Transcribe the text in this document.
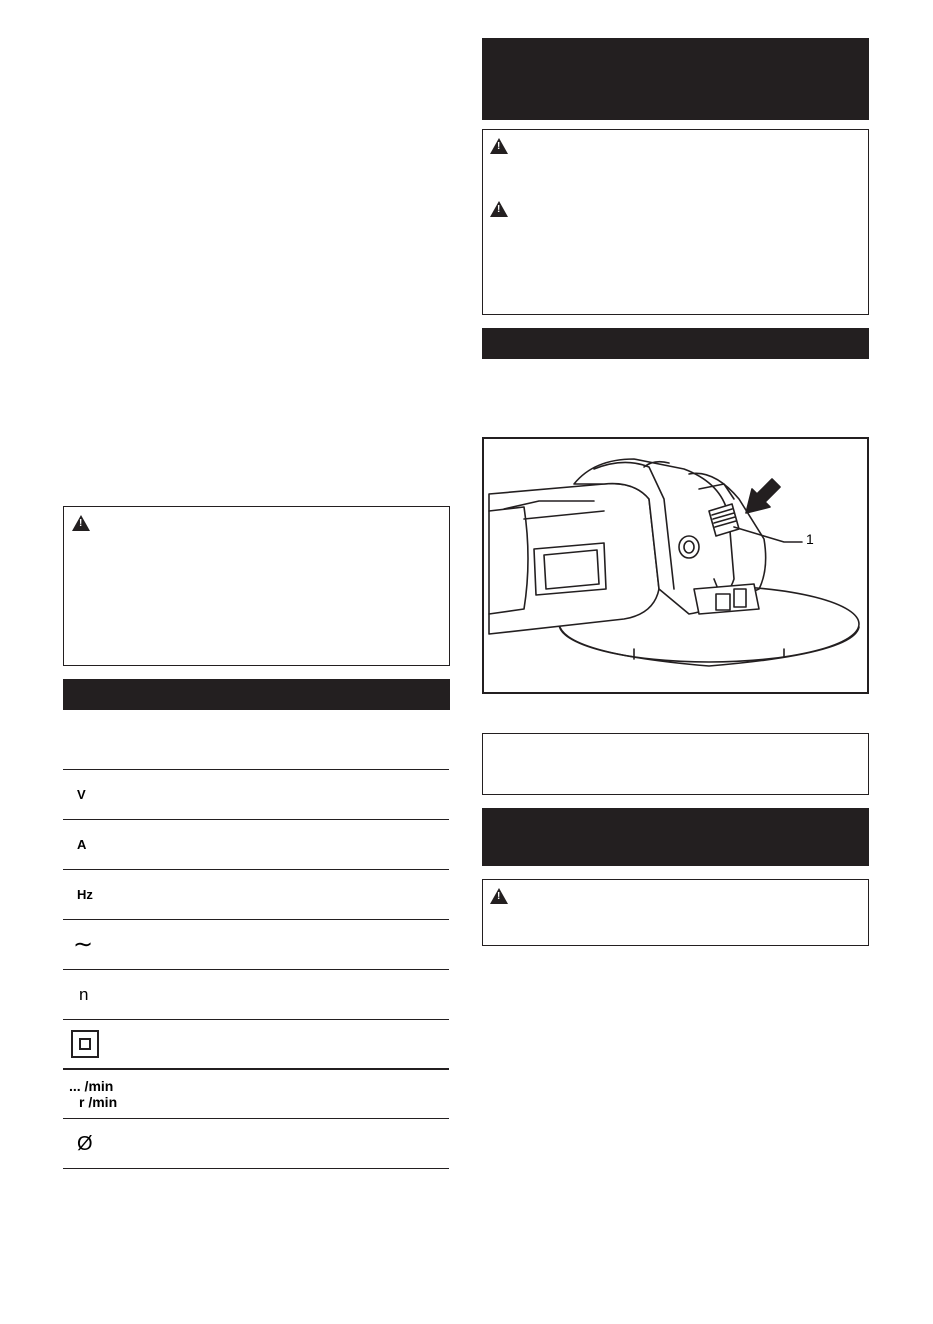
!
V
A
Hz
∼
n
... /min
r /min
Ø
!
!
1
!
